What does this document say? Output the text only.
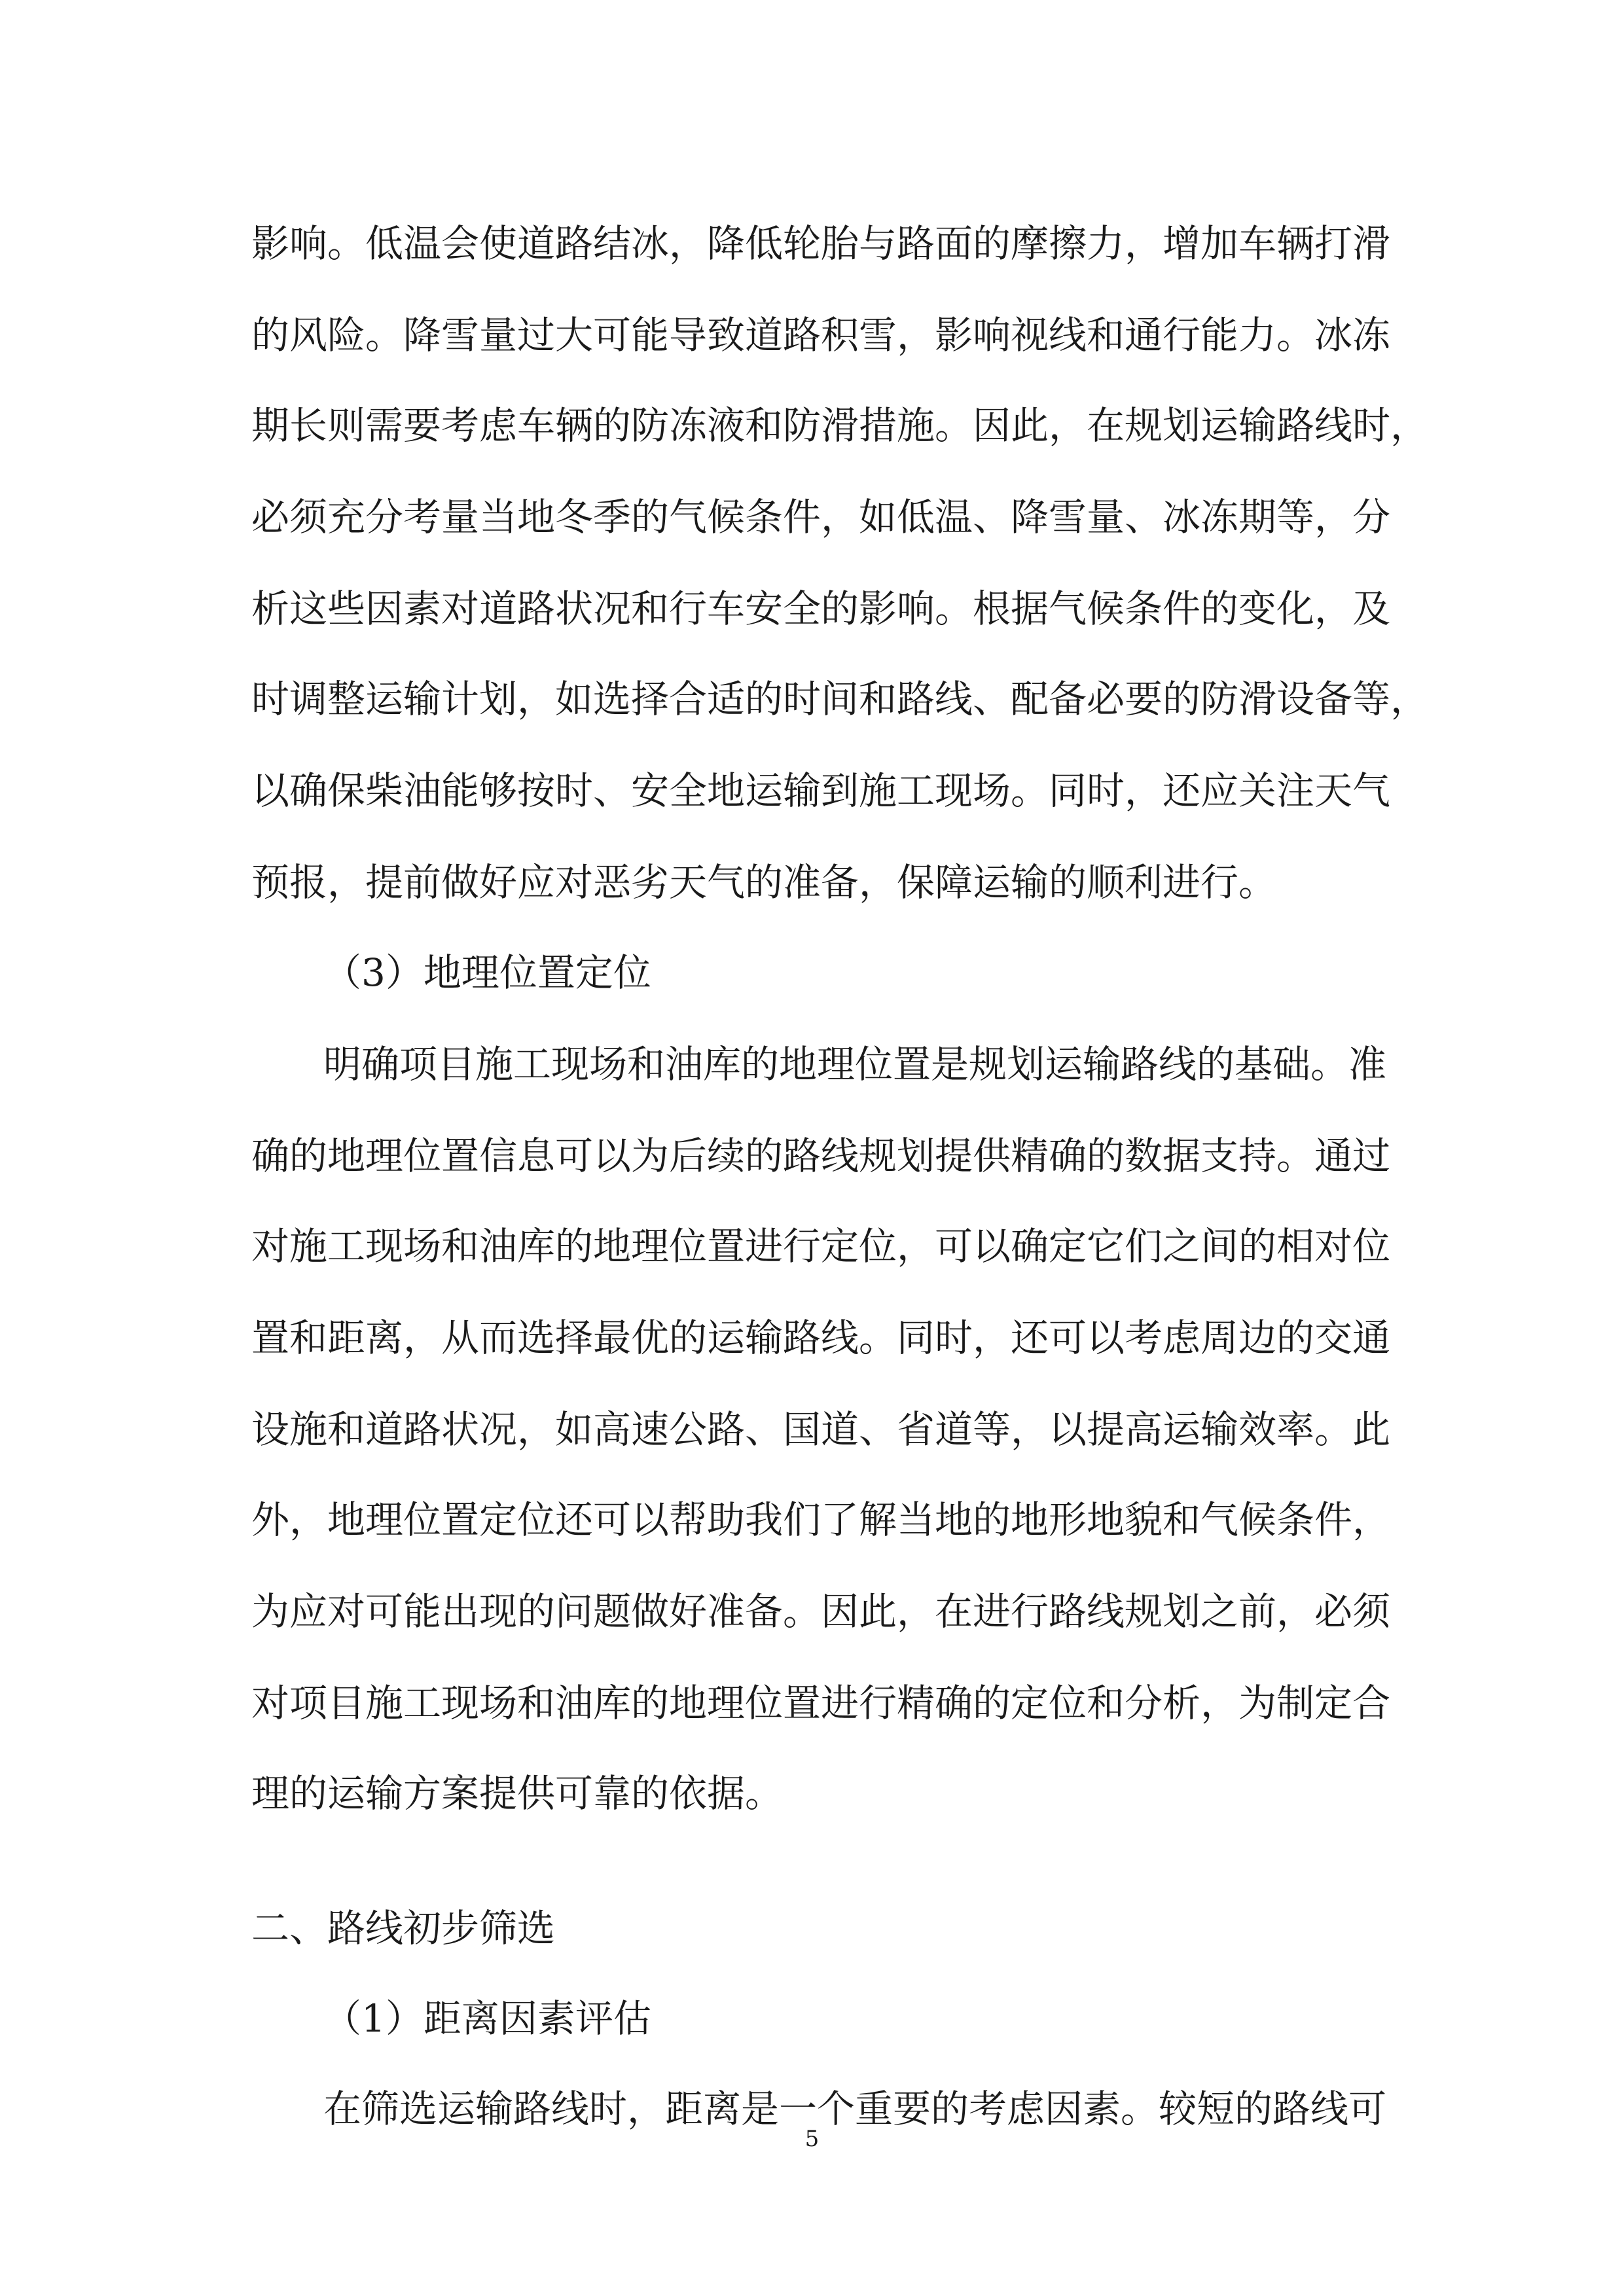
影响。低温会使道路结冰，降低轮胎与路面的摩擦力，增加车辆打滑
的风险。降雪量过大可能导致道路积雪，影响视线和通行能力。冰冻
期长则需要考虑车辆的防冻液和防滑措施。因此，在规划运输路线时，
必须充分考量当地冬季的气候条件，如低温、降雪量、冰冻期等，分
析这些因素对道路状况和行车安全的影响。根据气候条件的变化，及
时调整运输计划，如选择合适的时间和路线、配备必要的防滑设备等，
以确保柴油能够按时、安全地运输到施工现场。同时，还应关注天气
预报，提前做好应对恶劣天气的准备，保障运输的顺利进行。
（3）地理位置定位
明确项目施工现场和油库的地理位置是规划运输路线的基础。准
确的地理位置信息可以为后续的路线规划提供精确的数据支持。通过
对施工现场和油库的地理位置进行定位，可以确定它们之间的相对位
置和距离，从而选择最优的运输路线。同时，还可以考虑周边的交通
设施和道路状况，如高速公路、国道、省道等，以提高运输效率。此
外，地理位置定位还可以帮助我们了解当地的地形地貌和气候条件，
为应对可能出现的问题做好准备。因此，在进行路线规划之前，必须
对项目施工现场和油库的地理位置进行精确的定位和分析，为制定合
理的运输方案提供可靠的依据。
二、路线初步筛选
（1）距离因素评估
在筛选运输路线时，距离是一个重要的考虑因素。较短的路线可
5
